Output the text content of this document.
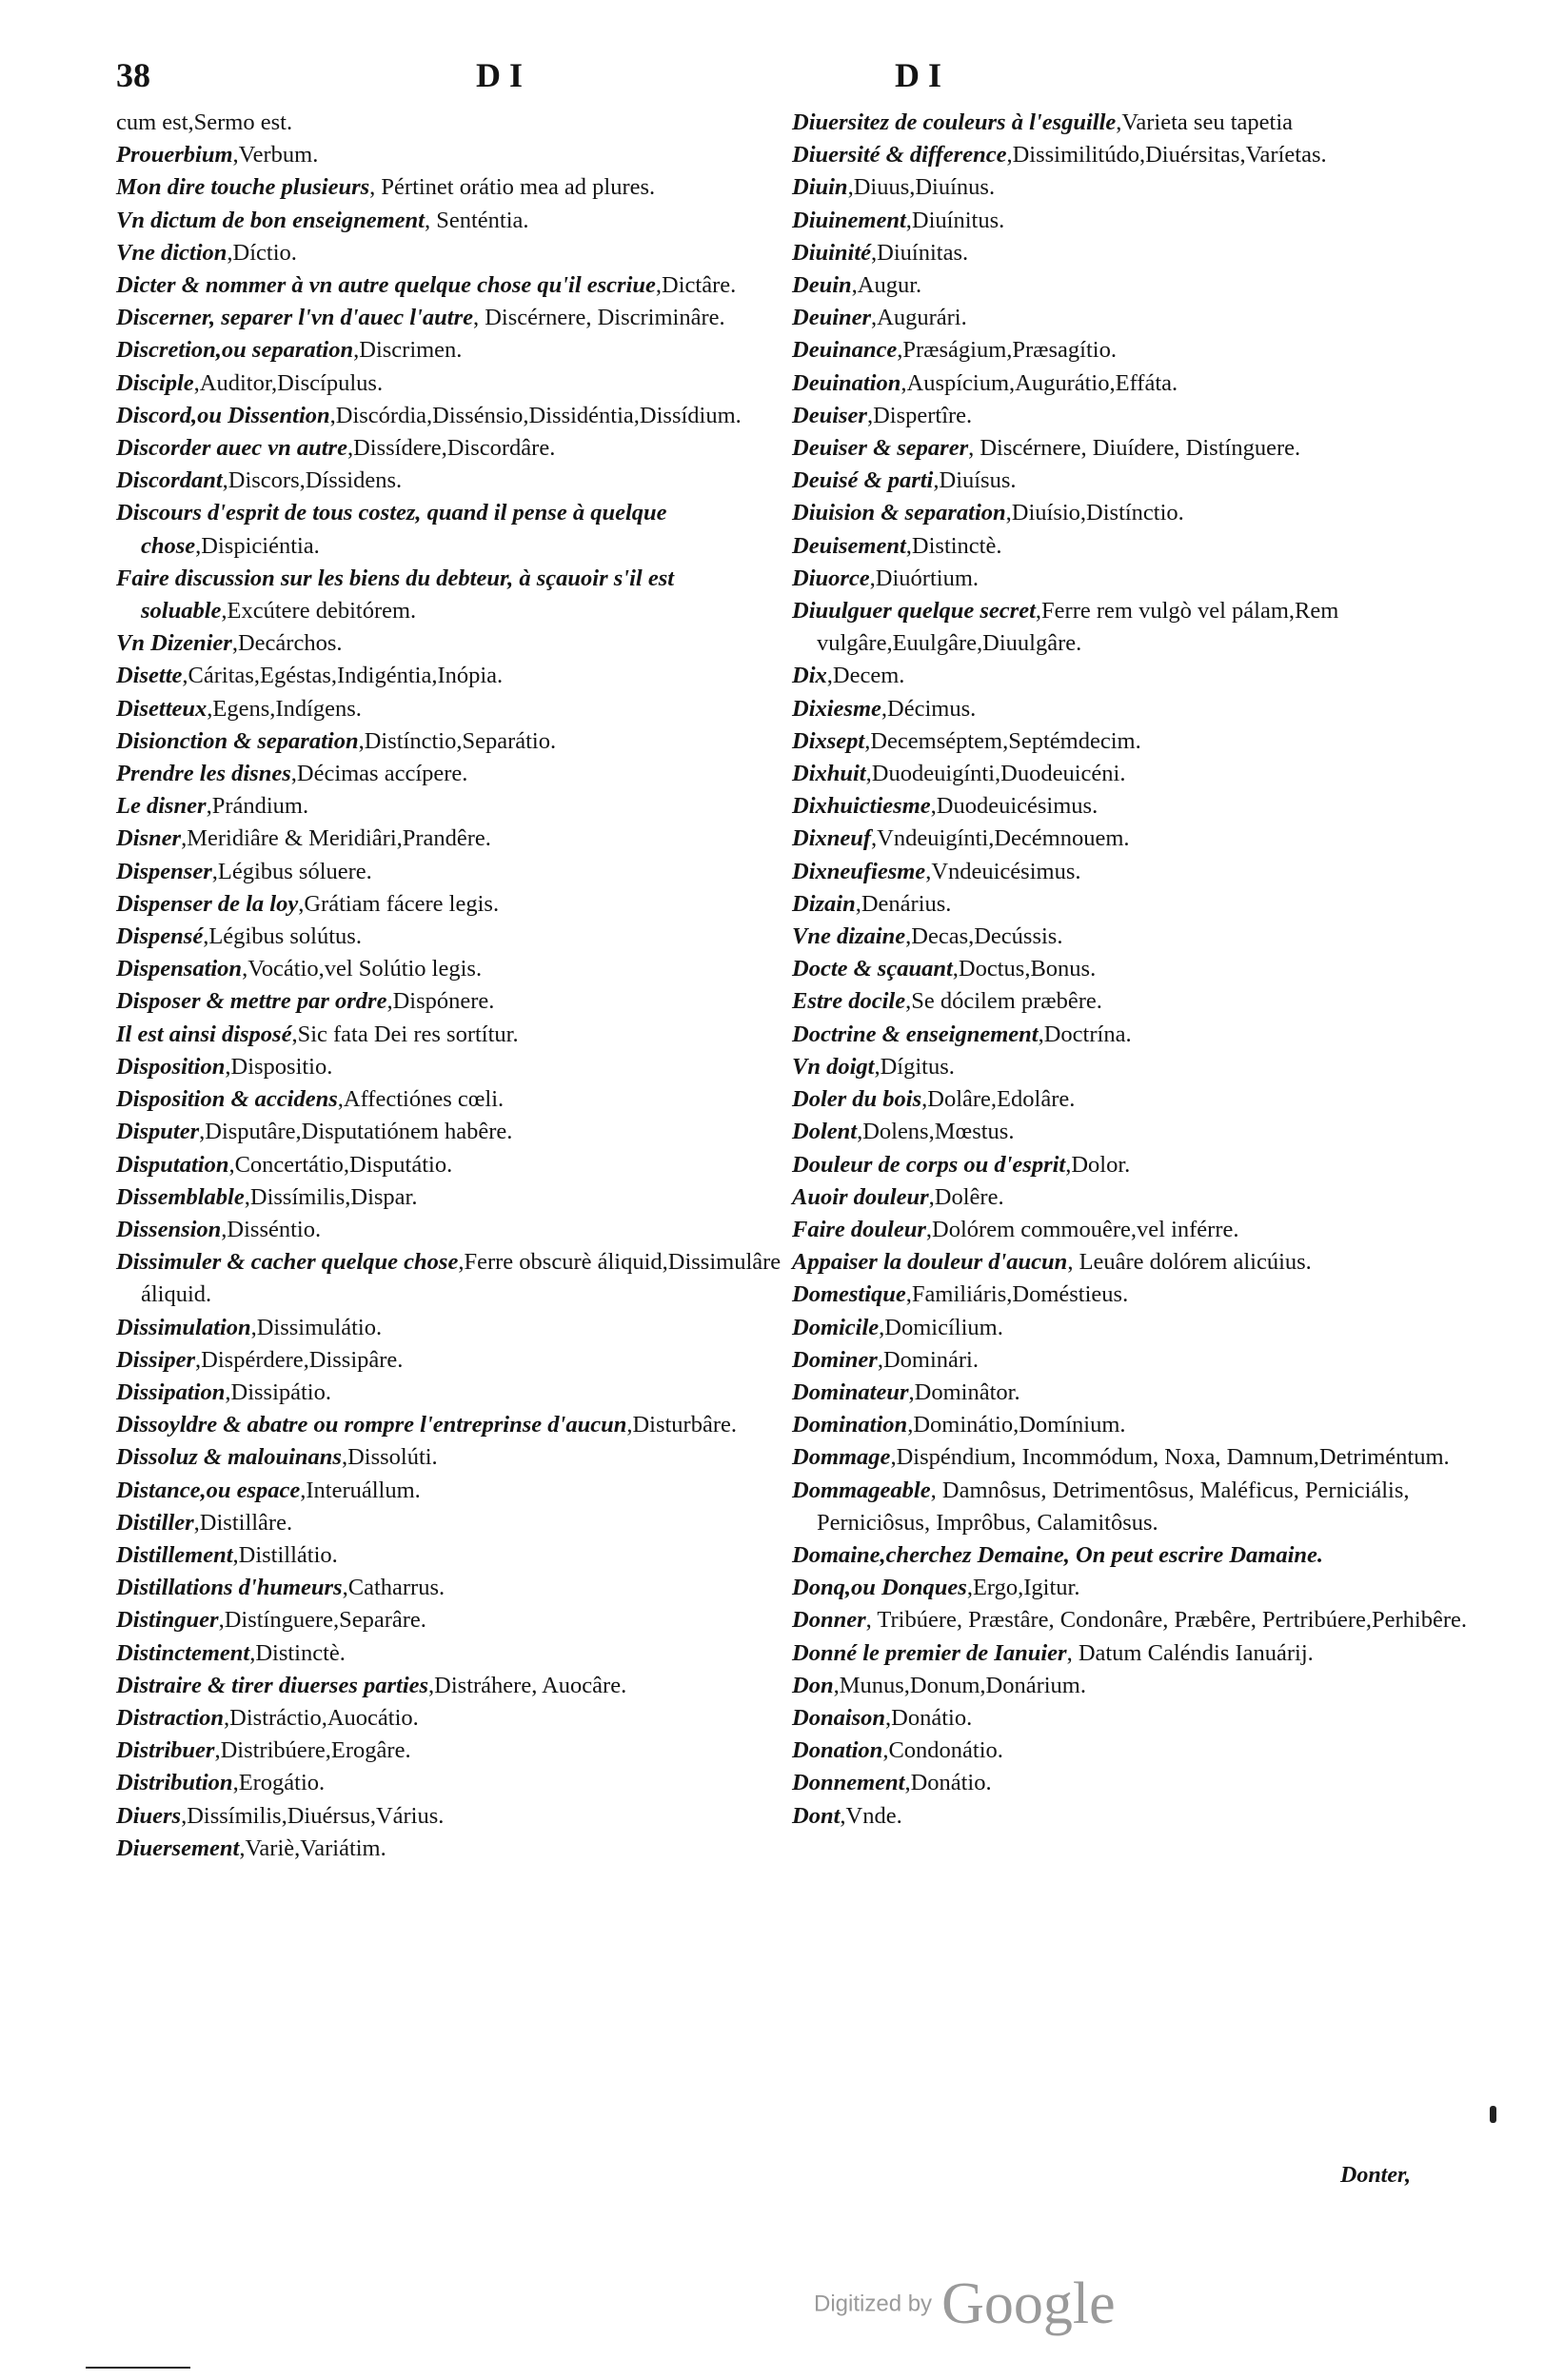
38	D I	D I
cum est,Sermo est.
Prouerbium,Verbum.
Mon dire touche plusieurs, Pértinet orátio mea ad plures.
Vn dictum de bon enseignement, Senténtia.
Vne diction,Díctio.
Dicter & nommer à vn autre quelque chose qu'il escriue,Dictâre.
Discerner, separer l'vn d'auec l'autre, Discérnere, Discriminâre.
Discretion,ou separation,Discrimen.
Disciple,Auditor,Discípulus.
Discord,ou Dissention,Discórdia,Dissénsio,Dissidéntia,Dissídium.
Discorder auec vn autre,Dissídere,Discordâre.
Discordant,Discors,Díssidens.
Discours d'esprit de tous costez, quand il pense à quelque chose,Dispiciéntia.
Faire discussion sur les biens du debteur, à sçauoir s'il est soluable,Excútere debitórem.
Vn Dizenier,Decárchos.
Disette,Cáritas,Egéstas,Indigéntia,Inópia.
Disetteux,Egens,Indígens.
Disionction & separation,Distínctio,Separátio.
Prendre les disnes,Décimas accípere.
Le disner,Prándium.
Disner,Meridiâre & Meridiâri,Prandêre.
Dispenser,Légibus sóluere.
Dispenser de la loy,Grátiam fácere legis.
Dispensé,Légibus solútus.
Dispensation,Vocátio,vel Solútio legis.
Disposer & mettre par ordre,Dispónere.
Il est ainsi disposé,Sic fata Dei res sortítur.
Disposition,Dispositio.
Disposition & accidens,Affectiónes cœli.
Disputer,Disputâre,Disputatiónem habêre.
Disputation,Concertátio,Disputátio.
Dissemblable,Dissímilis,Dispar.
Dissension,Disséntio.
Dissimuler & cacher quelque chose,Ferre obscurè áliquid,Dissimulâre áliquid.
Dissimulation,Dissimulátio.
Dissiper,Dispérdere,Dissipâre.
Dissipation,Dissipátio.
Dissoyldre & abatre ou rompre l'entreprinse d'aucun,Disturbâre.
Dissoluz & malouinans,Dissolúti.
Distance,ou espace,Interuállum.
Distiller,Distillâre.
Distillement,Distillátio.
Distillations d'humeurs,Catharrus.
Distinguer,Distínguere,Separâre.
Distinctement,Distinctè.
Distraire & tirer diuerses parties,Distráhere, Auocâre.
Distraction,Distráctio,Auocátio.
Distribuer,Distribúere,Erogâre.
Distribution,Erogátio.
Diuers,Dissímilis,Diuérsus,Várius.
Diuersement,Variè,Variátim.
Diuersitez de couleurs à l'esguille,Varieta seu tapetia
Diuersité & difference,Dissimilitúdo,Diuérsitas,Varíetas.
Diuin,Diuus,Diuínus.
Diuinement,Diuínitus.
Diuinité,Diuínitas.
Deuin,Augur.
Deuiner,Augurári.
Deuinance,Præságium,Præsagítio.
Deuination,Auspícium,Augurátio,Effáta.
Deuiser,Dispertîre.
Deuiser & separer, Discérnere, Diuídere, Distínguere.
Deuisé & parti,Diuísus.
Diuision & separation,Diuísio,Distínctio.
Deuisement,Distinctè.
Diuorce,Diuórtium.
Diuulguer quelque secret,Ferre rem vulgò vel pálam,Rem vulgâre,Euulgâre,Diuulgâre.
Dix,Decem.
Dixiesme,Décimus.
Dixsept,Decemséptem,Septémdecim.
Dixhuit,Duodeuigínti,Duodeuicéni.
Dixhuictiesme,Duodeuicésimus.
Dixneuf,Vndeuigínti,Decémnouem.
Dixneufiesme,Vndeuicésimus.
Dizain,Denárius.
Vne dizaine,Decas,Decússis.
Docte & sçauant,Doctus,Bonus.
Estre docile,Se dócilem præbêre.
Doctrine & enseignement,Doctrína.
Vn doigt,Dígitus.
Doler du bois,Dolâre,Edolâre.
Dolent,Dolens,Mœstus.
Douleur de corps ou d'esprit,Dolor.
Auoir douleur,Dolêre.
Faire douleur,Dolórem commouêre,vel inférre.
Appaiser la douleur d'aucun, Leuâre dolórem alicúius.
Domestique,Familiáris,Doméstieus.
Domicile,Domicílium.
Dominer,Dominári.
Dominateur,Dominâtor.
Domination,Dominátio,Domínium.
Dommage,Dispéndium, Incommódum, Noxa, Damnum,Detriméntum.
Dommageable, Damnôsus, Detrimentôsus, Maléficus, Perniciális, Perniciôsus, Imprôbus, Calamitôsus.
Domaine,cherchez Demaine, On peut escrire Damaine.
Donq,ou Donques,Ergo,Igitur.
Donner, Tribúere, Præstâre, Condonâre, Præbêre, Pertribúere,Perhibêre.
Donné le premier de Ianuier, Datum Caléndis Ianuárij.
Don,Munus,Donum,Donárium.
Donaison,Donátio.
Donation,Condonátio.
Donnement,Donátio.
Dont,Vnde.
Donter,
Digitized by Google
